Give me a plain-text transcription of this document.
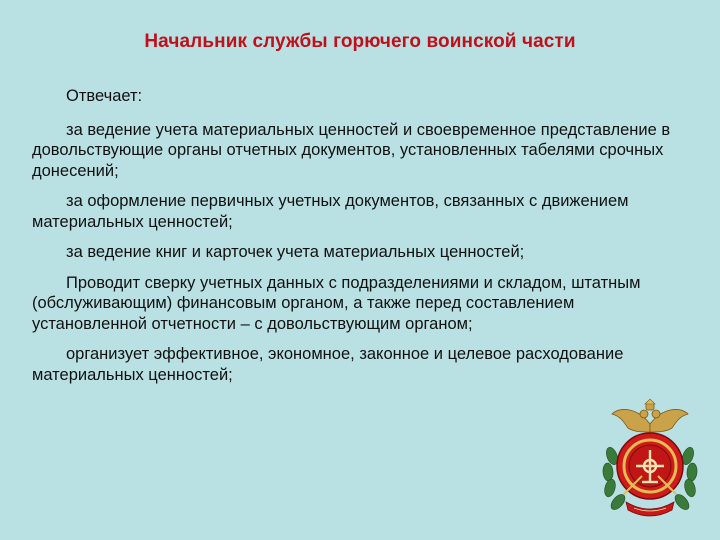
Начальник службы горючего воинской части

Отвечает:

за ведение учета материальных ценностей и своевременное представление в довольствующие органы отчетных документов, установленных табелями срочных донесений;

за оформление первичных учетных документов, связанных с движением материальных ценностей;

за ведение книг и карточек учета материальных ценностей;

Проводит сверку учетных данных с подразделениями и складом, штатным (обслуживающим) финансовым органом, а также перед составлением установленной отчетности – с довольствующим органом;

организует эффективное, экономное, законное и целевое расходование материальных ценностей;
